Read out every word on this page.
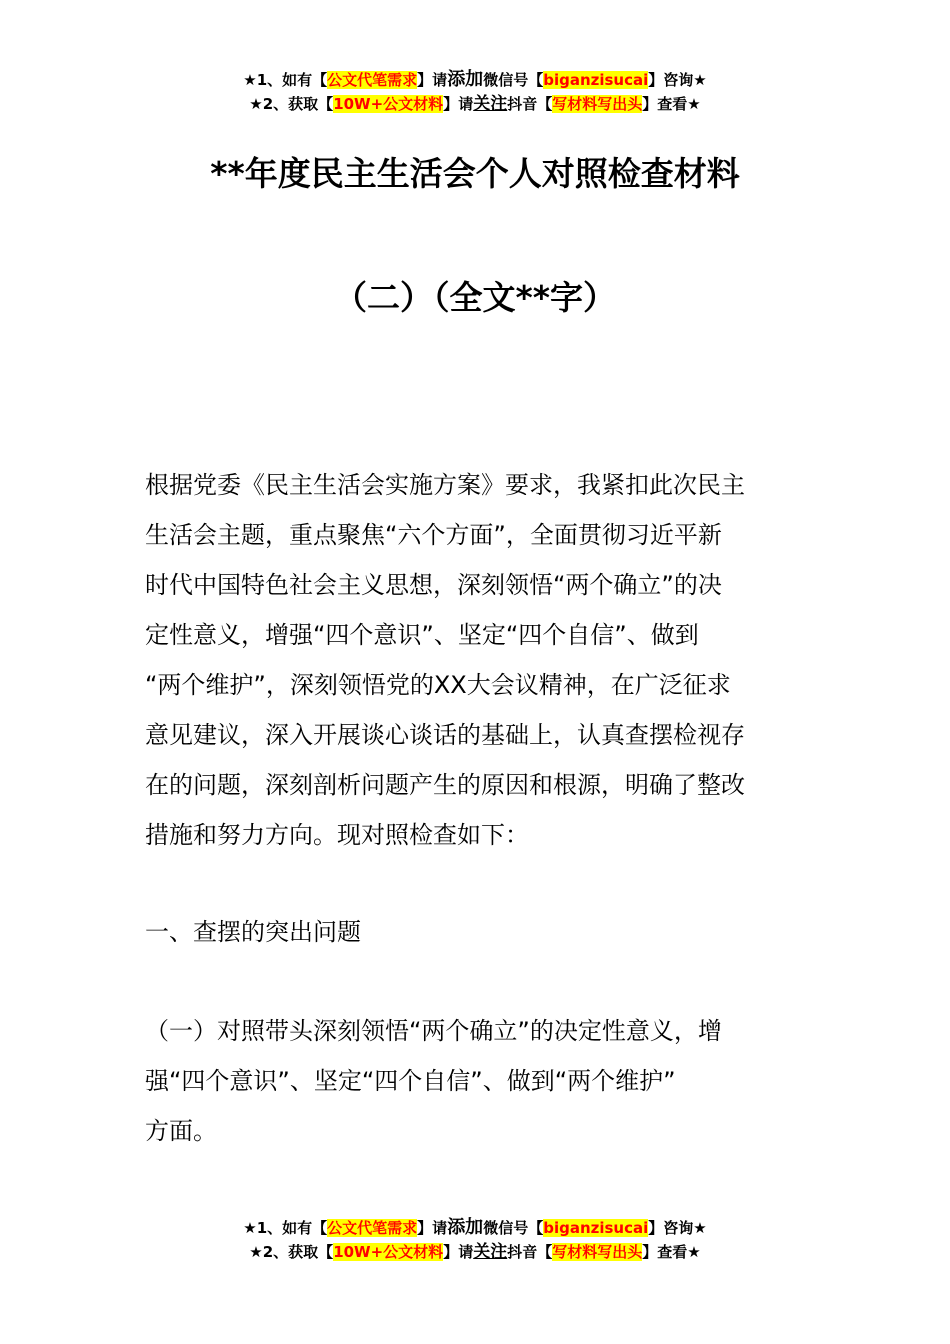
★1、如有【公文代笔需求】请添加微信号【biganzisucai】咨询★
★2、获取【10W+公文材料】请关注抖音【写材料写出头】查看★
**年度民主生活会个人对照检查材料
（二）（全文**字）
根据党委《民主生活会实施方案》要求，我紧扣此次民主
生活会主题，重点聚焦“六个方面”，全面贯彻习近平新
时代中国特色社会主义思想，深刻领悟“两个确立”的决
定性意义，增强“四个意识”、坚定“四个自信”、做到
“两个维护”，深刻领悟党的XX大会议精神，在广泛征求
意见建议，深入开展谈心谈话的基础上，认真查摆检视存
在的问题，深刻剖析问题产生的原因和根源，明确了整改
措施和努力方向。现对照检查如下：
一、查摆的突出问题
（一）对照带头深刻领悟“两个确立”的决定性意义，增
强“四个意识”、坚定“四个自信”、做到“两个维护”
方面。
★1、如有【公文代笔需求】请添加微信号【biganzisucai】咨询★
★2、获取【10W+公文材料】请关注抖音【写材料写出头】查看★
